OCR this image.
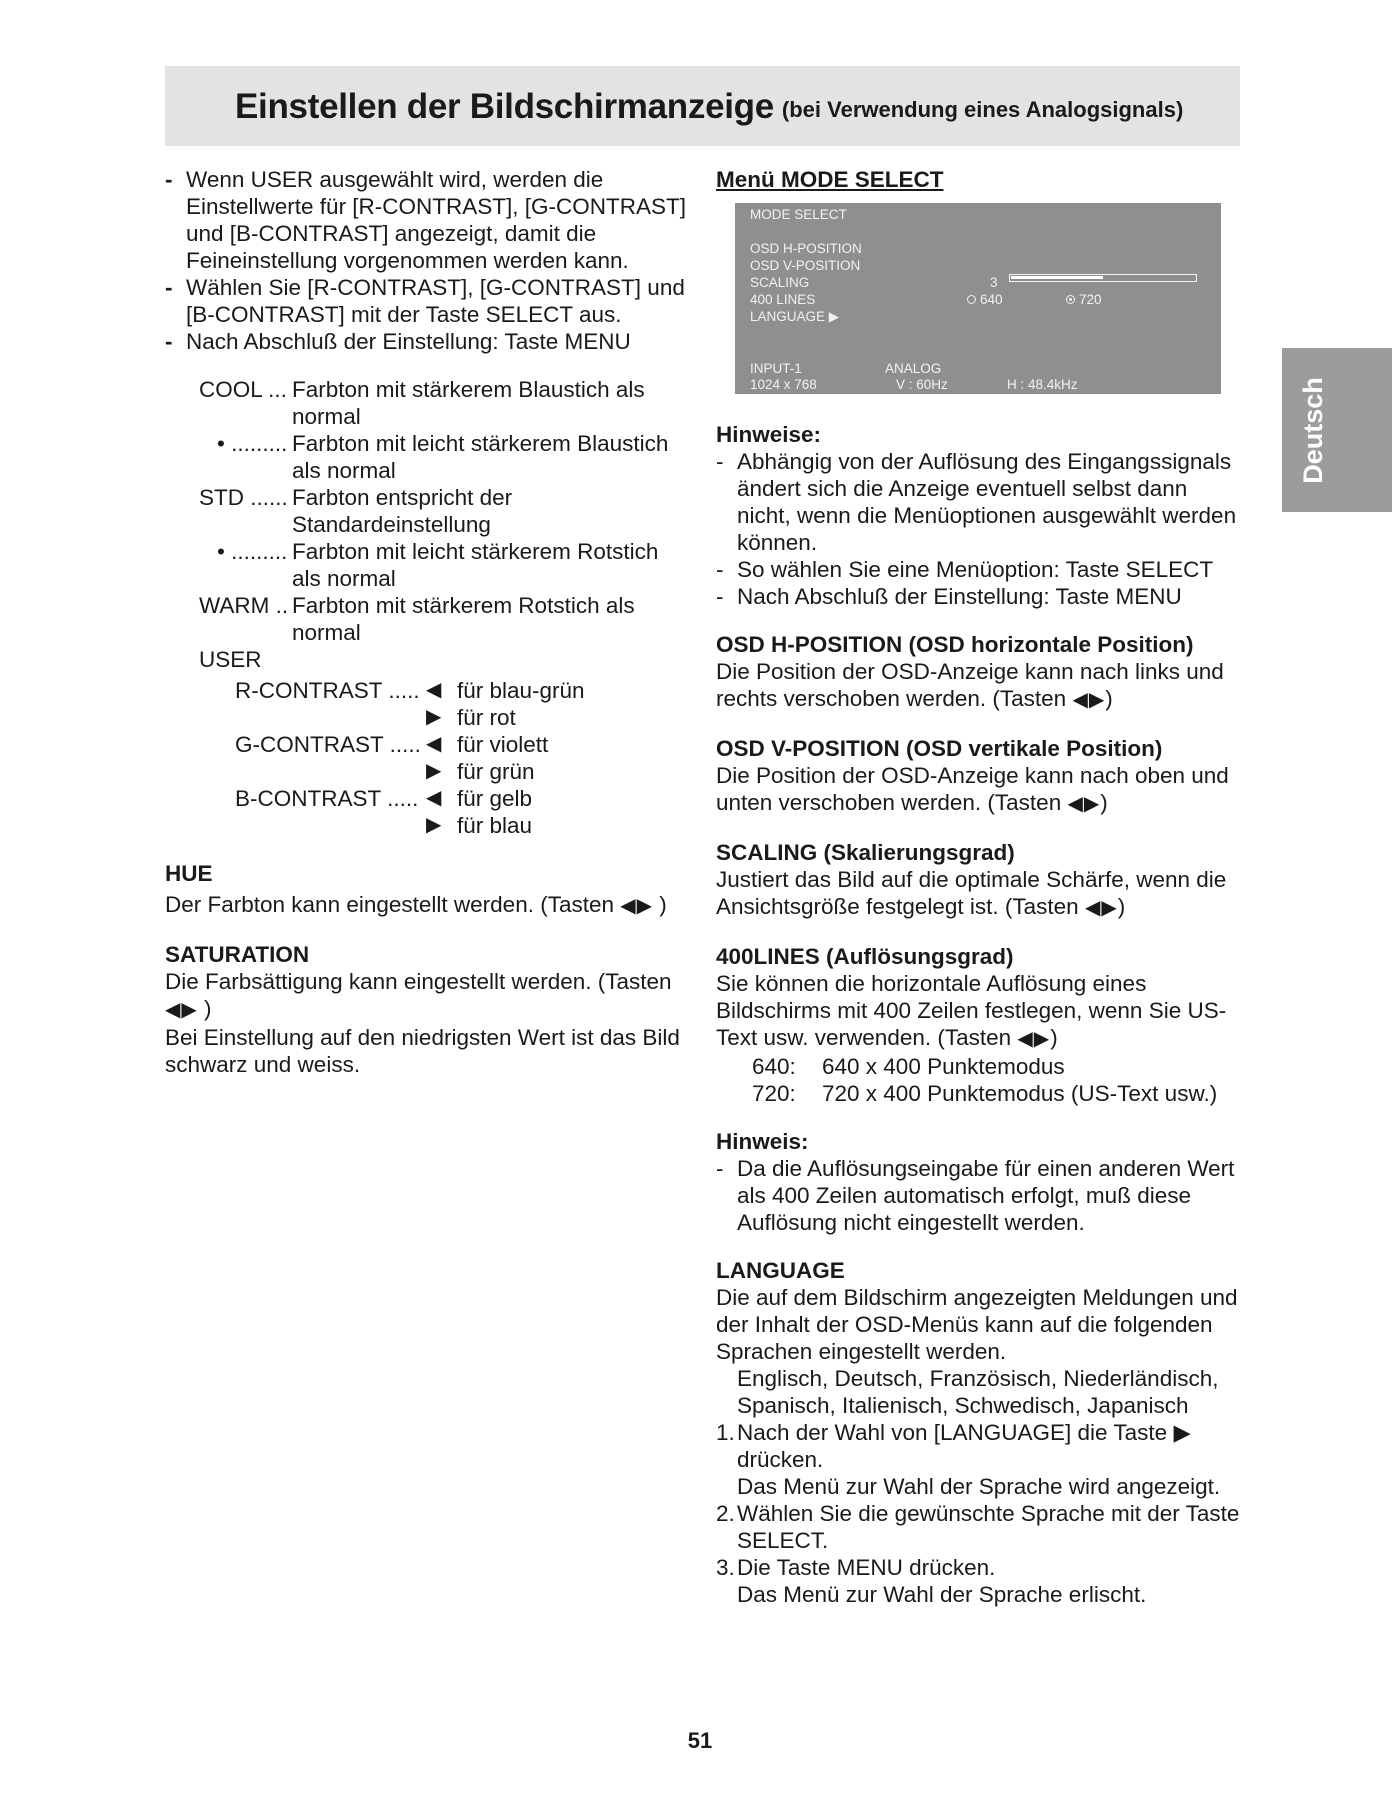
Einstellen der Bildschirmanzeige (bei Verwendung eines Analogsignals)
Deutsch
- Wenn USER ausgewählt wird, werden die Einstellwerte für [R-CONTRAST], [G-CONTRAST] und [B-CONTRAST] angezeigt, damit die Feineinstellung vorgenommen werden kann.
- Wählen Sie [R-CONTRAST], [G-CONTRAST] und [B-CONTRAST] mit der Taste SELECT aus.
- Nach Abschluß der Einstellung: Taste MENU
COOL ... Farbton mit stärkerem Blaustich als normal
• ......... Farbton mit leicht stärkerem Blaustich als normal
STD ...... Farbton entspricht der Standardeinstellung
• ......... Farbton mit leicht stärkerem Rotstich als normal
WARM .. Farbton mit stärkerem Rotstich als normal
USER
R-CONTRAST ..... ◀ für blau-grün
▶ für rot
G-CONTRAST ..... ◀ für violett
▶ für grün
B-CONTRAST ..... ◀ für gelb
▶ für blau
HUE
Der Farbton kann eingestellt werden. (Tasten ◀▶ )
SATURATION
Die Farbsättigung kann eingestellt werden. (Tasten ◀▶ )
Bei Einstellung auf den niedrigsten Wert ist das Bild schwarz und weiss.
Menü MODE SELECT
MODE SELECT
OSD H-POSITION
OSD V-POSITION
SCALING
400 LINES
LANGUAGE ▶
3
640	720
INPUT-1	ANALOG
1024 x 768	V : 60Hz	H : 48.4kHz
Hinweise:
- Abhängig von der Auflösung des Eingangssignals ändert sich die Anzeige eventuell selbst dann nicht, wenn die Menüoptionen ausgewählt werden können.
- So wählen Sie eine Menüoption: Taste SELECT
- Nach Abschluß der Einstellung: Taste MENU
OSD H-POSITION (OSD horizontale Position)
Die Position der OSD-Anzeige kann nach links und rechts verschoben werden. (Tasten ◀▶)
OSD V-POSITION (OSD vertikale Position)
Die Position der OSD-Anzeige kann nach oben und unten verschoben werden. (Tasten ◀▶)
SCALING (Skalierungsgrad)
Justiert das Bild auf die optimale Schärfe, wenn die Ansichtsgröße festgelegt ist. (Tasten ◀▶)
400LINES (Auflösungsgrad)
Sie können die horizontale Auflösung eines Bildschirms mit 400 Zeilen festlegen, wenn Sie US-Text usw. verwenden. (Tasten ◀▶)
640: 640 x 400 Punktemodus
720: 720 x 400 Punktemodus (US-Text usw.)
Hinweis:
- Da die Auflösungseingabe für einen anderen Wert als 400 Zeilen automatisch erfolgt, muß diese Auflösung nicht eingestellt werden.
LANGUAGE
Die auf dem Bildschirm angezeigten Meldungen und der Inhalt der OSD-Menüs kann auf die folgenden Sprachen eingestellt werden.
Englisch, Deutsch, Französisch, Niederländisch, Spanisch, Italienisch, Schwedisch, Japanisch
1. Nach der Wahl von [LANGUAGE] die Taste ▶ drücken.
Das Menü zur Wahl der Sprache wird angezeigt.
2. Wählen Sie die gewünschte Sprache mit der Taste SELECT.
3. Die Taste MENU drücken.
Das Menü zur Wahl der Sprache erlischt.
51
